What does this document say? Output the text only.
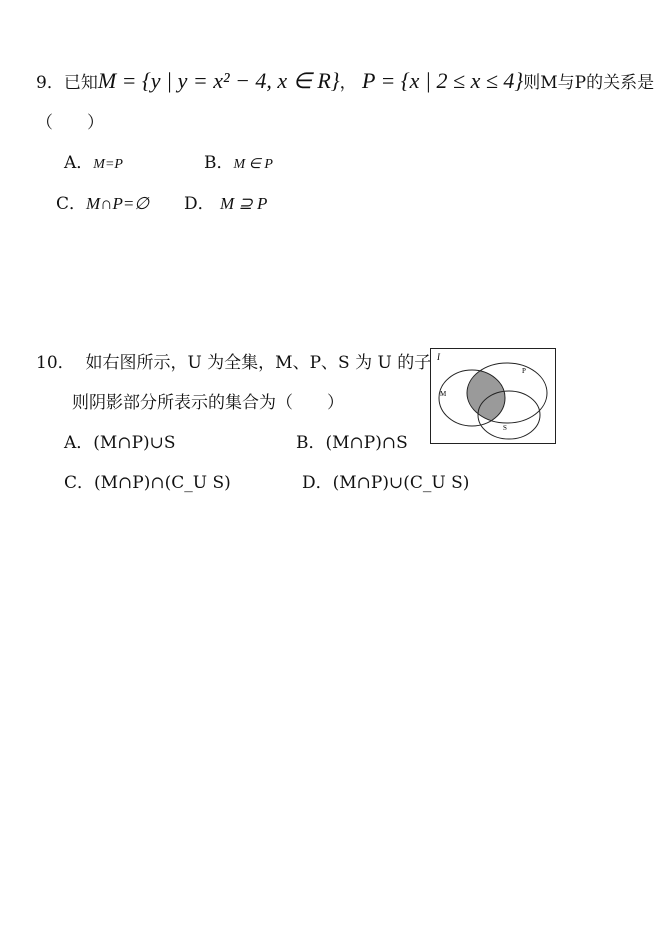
9．已知M = {y | y = x² − 4, x ∈ R}， P = {x | 2 ≤ x ≤ 4}则M与P的关系是
（　　）
A．M=P	B．M ∈ P
C．M∩P=∅ D． M ⊇ P
10． 如右图所示，U 为全集，M、P、S 为 U 的子
则阴影部分所表示的集合为（　　）
A．(M∩P)∪S	B．(M∩P)∩S
C．(M∩P)∩(C_U S)	D．(M∩P)∪(C_U S)
I
M
P
S
